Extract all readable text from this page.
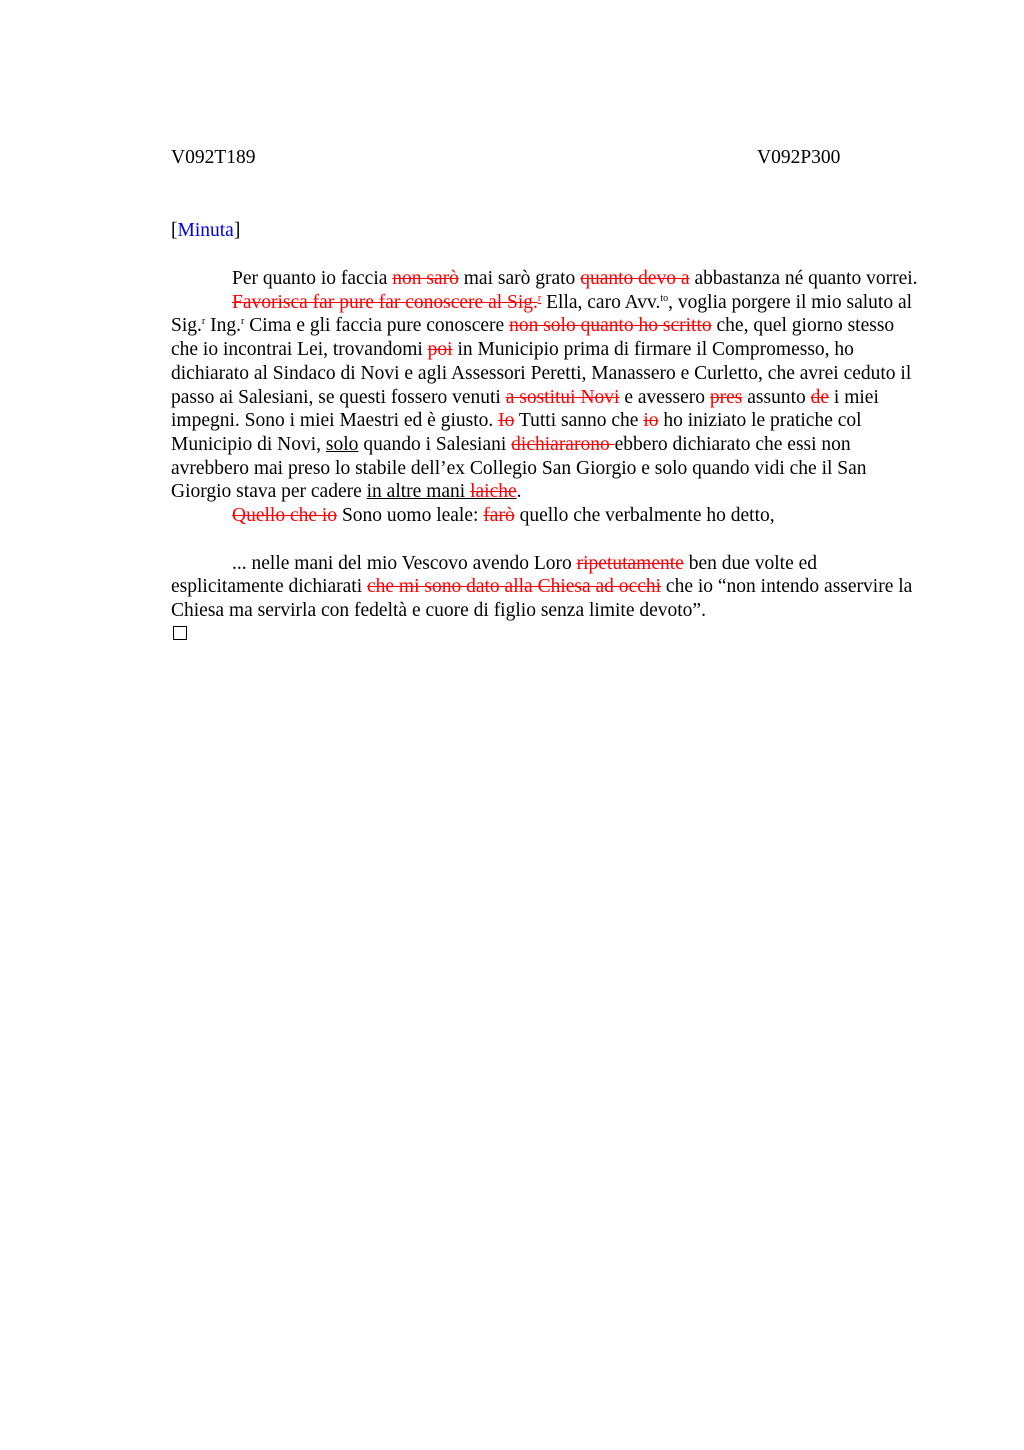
V092T189	V092P300
[Minuta]

Per quanto io faccia non sarò mai sarò grato quanto devo a abbastanza né quanto vorrei.

Favorisca far pure far conoscere al Sig.$^r$ Ella, caro Avv.$^{to}$, voglia porgere il mio saluto al Sig.$^r$ Ing.$^r$ Cima e gli faccia pure conoscere non solo quanto ho scritto che, quel giorno stesso che io incontrai Lei, trovandomi poi in Municipio prima di firmare il Compromesso, ho dichiarato al Sindaco di Novi e agli Assessori Peretti, Manassero e Curletto, che avrei ceduto il passo ai Salesiani, se questi fossero venuti a sostitui Novi e avessero pres assunto de i miei impegni. Sono i miei Maestri ed è giusto. Io Tutti sanno che io ho iniziato le pratiche col Municipio di Novi, solo quando i Salesiani dichiararono ebbero dichiarato che essi non avrebbero mai preso lo stabile dell’ex Collegio San Giorgio e solo quando vidi che il San Giorgio stava per cadere in altre mani laiche.

Quello che io Sono uomo leale: farò quello che verbalmente ho detto,

... nelle mani del mio Vescovo avendo Loro ripetutamente ben due volte ed esplicitamente dichiarati che mi sono dato alla Chiesa ad occhi che io “non intendo asservire la Chiesa ma servirla con fedeltà e cuore di figlio senza limite devoto”.
